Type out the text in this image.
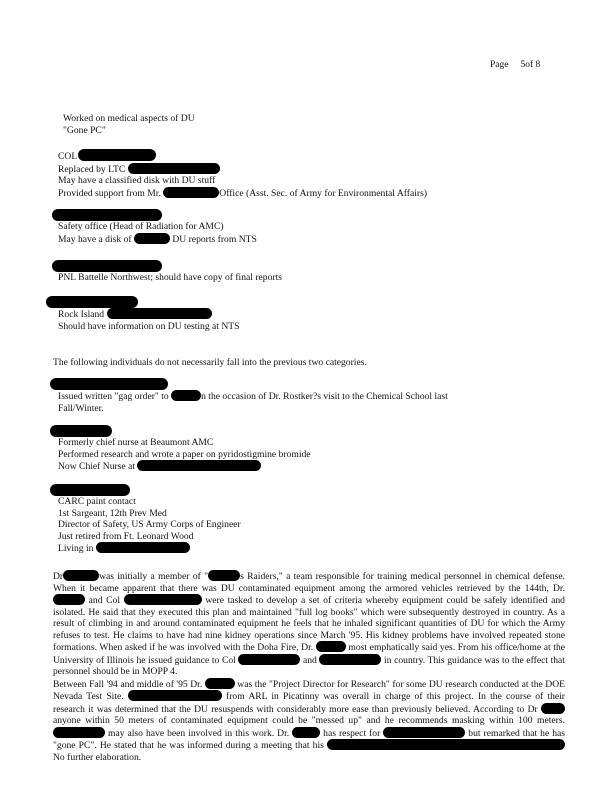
Page 5of 8
Worked on medical aspects of DU
"Gone PC"
COL
Replaced by LTC
May have a classified disk with DU stuff
Provided support from Mr.	Office (Asst. Sec. of Army for Environmental Affairs)
Safety office (Head of Radiation for AMC)
May have a disk of	DU reports from NTS
PNL Battelle Northwest; should have copy of final reports
Rock Island
Should have information on DU testing at NTS
The following individuals do not necessarily fall into the previous two categories.
Issued written "gag order" to	n the occasion of Dr. Rostker?s visit to the Chemical School last
Fall/Winter.
Formerly chief nurse at Beaumont AMC
Performed research and wrote a paper on pyridostigmine bromide
Now Chief Nurse at
CARC paint contact
1st Sargeant, 12th Prev Med
Director of Safety, US Army Corps of Engineer
Just retired from Ft. Leonard Wood
Living in
Dr	was initially a member of "	s Raiders," a team responsible for training medical personnel in chemical defense. When it became apparent that there was DU contaminated equipment among the armored vehicles retrieved by the 144th, Dr.  and Col	were tasked to develop a set of criteria whereby equipment could be safely identified and isolated. He said that they executed this plan and maintained "full log books" which were subsequently destroyed in country. As a result of climbing in and around contaminated equipment he feels that he inhaled significant quantities of DU for which the Army refuses to test. He claims to have had nine kidney operations since March '95. His kidney problems have involved repeated stone formations. When asked if he was involved with the Doha Fire, Dr.	most emphatically said yes. From his office/home at the University of Illinois he issued guidance to Col	and	in country. This guidance was to the effect that personnel should be in MOPP 4.
Between Fall '94 and middle of '95 Dr.	was the "Project Director for Research" for some DU research conducted at the DOE Nevada Test Site.	from ARL in Picatinny was overall in charge of this project. In the course of their research it was determined that the DU resuspends with considerably more ease than previously believed. According to Dr  anyone within 50 meters of contaminated equipment could be "messed up" and he recommends masking within 100 meters.  may also have been involved in this work. Dr.	has respect for	but remarked that he has "gone PC". He stated that he was informed during a meeting that his  No further elaboration.
